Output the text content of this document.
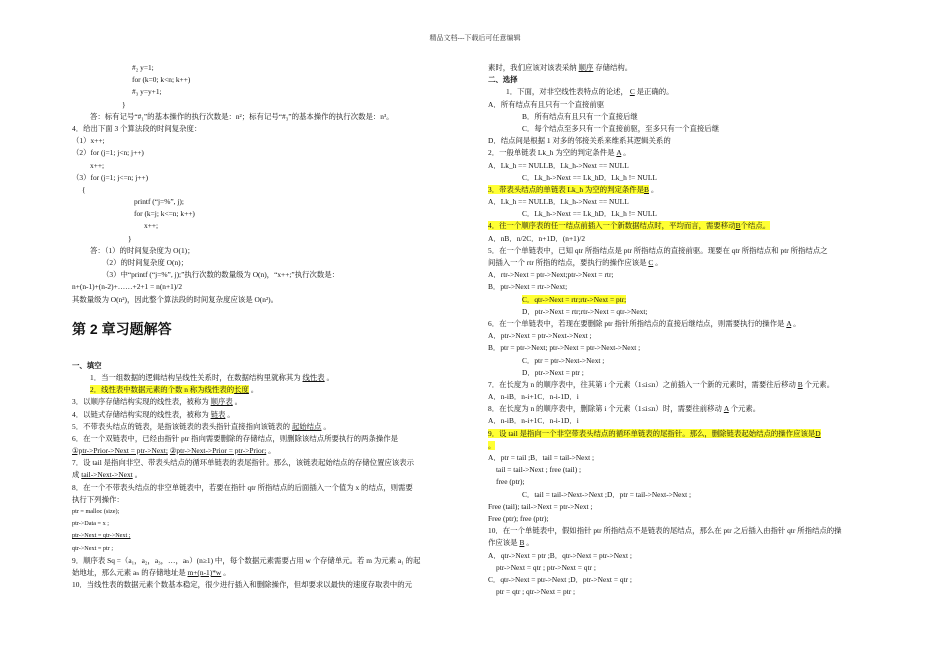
精品文档---下载后可任意编辑
#₂ y=1;
for (k=0; k<n; k++)
#₃ y=y+1;
}
答：标有记号“#₁”的基本操作的执行次数是：n²；标有记号“#₃”的基本操作的执行次数是：n³。
4．给出下面 3 个算法段的时间复杂度：
（1）x++;
（2）for (j=1; j<n; j++)
x++;
（3）for (j=1; j<=n; j++)
{
printf (“j=%”, j);
for (k=j; k<=n; k++)
x++;
}
答：（1）的时间复杂度为 O(1)；
（2）的时间复杂度 O(n)；
（3）中“printf (“j=%”, j);”执行次数的数量级为 O(n)，“x++;”执行次数是：
n+(n-1)+(n-2)+……+2+1 = n(n+1)/2
其数量级为 O(n²)，因此整个算法段的时间复杂度应该是 O(n²)。
第 2 章习题解答
一、填空
1．当一组数据的逻辑结构呈线性关系时，在数据结构里就称其为 线性表 。
2．线性表中数据元素的个数 n 称为线性表的长度 。
3．以顺序存储结构实现的线性表，被称为 顺序表 。
4．以链式存储结构实现的线性表，被称为 链表 。
5．不带表头结点的链表，是指该链表的表头指针直接指向该链表的 起始结点 。
6．在一个双链表中，已经由指针 ptr 指向需要删除的存储结点，则删除该结点所要执行的两条操作是
①ptr->Prior->Next = ptr->Next; ②ptr->Next->Prior = ptr->Prior; 。
7．设 tail 是指向非空、带表头结点的循环单链表的表尾指针。那么，该链表起始结点的存储位置应该表示
成 tail->Next->Next 。
8．在一个不带表头结点的非空单链表中，若要在指针 qtr 所指结点的后面插入一个值为 x 的结点，则需要
执行下列操作：
ptr = malloc (size);
ptr->Data = x ;
ptr->Next = qtr->Next ;
qtr->Next = ptr ;
9．顺序表 Sq =（a₁，a₂，a₃，…，aₙ）(n≥1) 中，每个数据元素需要占用 w 个存储单元。若 m 为元素 a₁ 的起
始地址，那么元素 aₙ 的存储地址是 m+(n-1)*w 。
10．当线性表的数据元素个数基本稳定，很少进行插入和删除操作，但却要求以最快的速度存取表中的元
素时，我们应该对该表采纳 顺序 存储结构。
二、选择
1．下面，对非空线性表特点的论述， C 是正确的。
A．所有结点有且只有一个直接前驱
B．所有结点有且只有一个直接后继
C．每个结点至多只有一个直接前驱，至多只有一个直接后继
D．结点间是根据 1 对多的邻接关系来维系其逻辑关系的
2．一般单链表 Lk_h 为空的判定条件是 A 。
A．Lk_h == NULLB．Lk_h->Next == NULL
C．Lk_h->Next == Lk_hD．Lk_h != NULL
3．带表头结点的单链表 Lk_h 为空的判定条件是B 。
A．Lk_h == NULLB．Lk_h->Next == NULL
C．Lk_h->Next == Lk_hD．Lk_h != NULL
4．往一个顺序表的任一结点前插入一个新数据结点时，平均而言，需要移动B个结点。
A．nB．n/2C．n+1D．(n+1)/2
5．在一个单链表中，已知 qtr 所指结点是 ptr 所指结点的直接前驱。现要在 qtr 所指结点和 ptr 所指结点之
间插入一个 rtr 所指的结点，要执行的操作应该是 C 。
A．rtr->Next = ptr->Next;ptr->Next = rtr;
B．ptr->Next = rtr->Next;
C．qtr->Next = rtr;rtr->Next = ptr;
D．ptr->Next = rtr;rtr->Next = qtr->Next;
6．在一个单链表中，若现在要删除 ptr 指针所指结点的直接后继结点，则需要执行的操作是 A 。
A．ptr->Next = ptr->Next->Next ;
B．ptr = ptr->Next; ptr->Next = ptr->Next->Next ;
C．ptr = ptr->Next->Next ;
D．ptr->Next = ptr ;
7．在长度为 n 的顺序表中，往其第 i 个元素（1≤i≤n）之前插入一个新的元素时，需要往后移动 B 个元素。
A．n-iB．n-i+1C．n-i-1D．i
8．在长度为 n 的顺序表中，删除第 i 个元素（1≤i≤n）时，需要往前移动 A 个元素。
A．n-iB．n-i+1C．n-i-1D．i
9．设 tail 是指向一个非空带表头结点的循环单链表的尾指针。那么，删除链表起始结点的操作应该是D
。
A．ptr = tail ;B．tail = tail->Next ;
tail = tail->Next ; free (tail) ;
free (ptr);
C．tail = tail->Next->Next ;D．ptr = tail->Next->Next ;
Free (tail); tail->Next = ptr->Next ;
Free (ptr); free (ptr);
10．在一个单链表中，假如指针 ptr 所指结点不是链表的尾结点，那么在 ptr 之后插入由指针 qtr 所指结点的操
作应该是 B 。
A．qtr->Next = ptr ;B．qtr->Next = ptr->Next ;
ptr->Next = qtr ; ptr->Next = qtr ;
C．qtr->Next = ptr->Next ;D．ptr->Next = qtr ;
ptr = qtr ; qtr->Next = ptr ;
